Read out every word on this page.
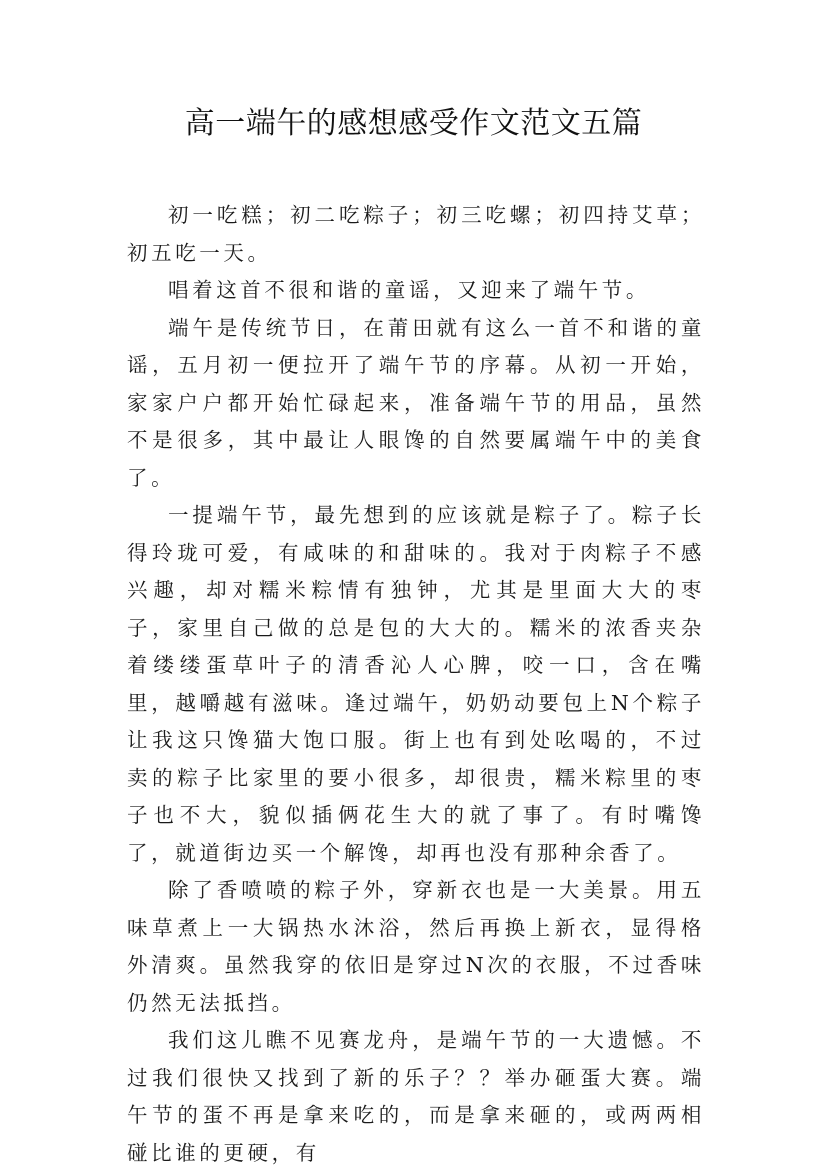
高一端午的感想感受作文范文五篇

初一吃糕；初二吃粽子；初三吃螺；初四持艾草；初五吃一天。

唱着这首不很和谐的童谣，又迎来了端午节。

端午是传统节日，在莆田就有这么一首不和谐的童谣，五月初一便拉开了端午节的序幕。从初一开始，家家户户都开始忙碌起来，准备端午节的用品，虽然不是很多，其中最让人眼馋的自然要属端午中的美食了。

一提端午节，最先想到的应该就是粽子了。粽子长得玲珑可爱，有咸味的和甜味的。我对于肉粽子不感兴趣，却对糯米粽情有独钟，尤其是里面大大的枣子，家里自己做的总是包的大大的。糯米的浓香夹杂着缕缕蛋草叶子的清香沁人心脾，咬一口，含在嘴里，越嚼越有滋味。逢过端午，奶奶动要包上N个粽子让我这只馋猫大饱口服。街上也有到处吆喝的，不过卖的粽子比家里的要小很多，却很贵，糯米粽里的枣子也不大，貌似插俩花生大的就了事了。有时嘴馋了，就道街边买一个解馋，却再也没有那种余香了。

除了香喷喷的粽子外，穿新衣也是一大美景。用五味草煮上一大锅热水沐浴，然后再换上新衣，显得格外清爽。虽然我穿的依旧是穿过N次的衣服，不过香味仍然无法抵挡。

我们这儿瞧不见赛龙舟，是端午节的一大遗憾。不过我们很快又找到了新的乐子？？举办砸蛋大赛。端午节的蛋不再是拿来吃的，而是拿来砸的，或两两相碰比谁的更硬，有
